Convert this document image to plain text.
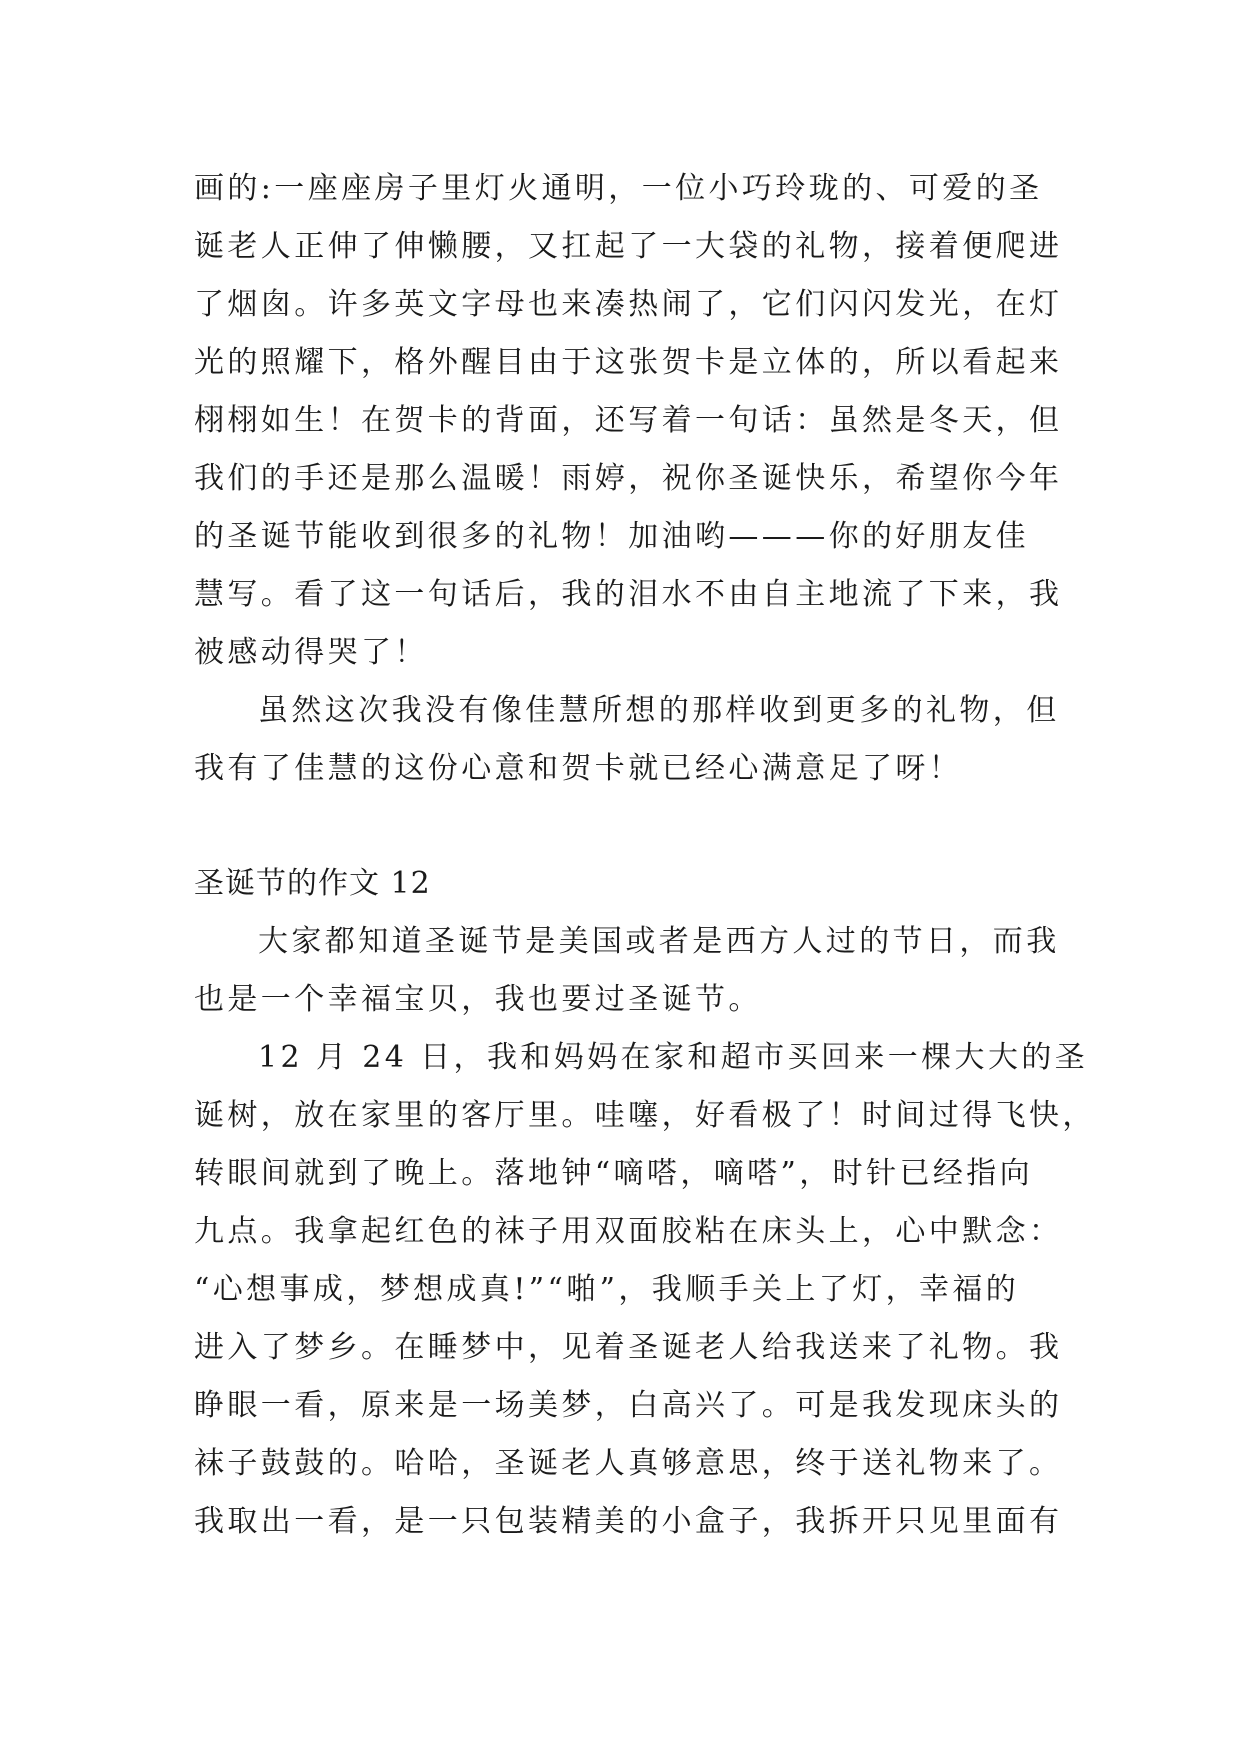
画的:一座座房子里灯火通明，一位小巧玲珑的、可爱的圣
诞老人正伸了伸懒腰，又扛起了一大袋的礼物，接着便爬进
了烟囱。许多英文字母也来凑热闹了，它们闪闪发光，在灯
光的照耀下，格外醒目由于这张贺卡是立体的，所以看起来
栩栩如生！在贺卡的背面，还写着一句话：虽然是冬天，但
我们的手还是那么温暖！雨婷，祝你圣诞快乐，希望你今年
的圣诞节能收到很多的礼物！加油哟———你的好朋友佳
慧写。看了这一句话后，我的泪水不由自主地流了下来，我
被感动得哭了！
虽然这次我没有像佳慧所想的那样收到更多的礼物，但
我有了佳慧的这份心意和贺卡就已经心满意足了呀！
圣诞节的作文 12
大家都知道圣诞节是美国或者是西方人过的节日，而我
也是一个幸福宝贝，我也要过圣诞节。
12 月 24 日，我和妈妈在家和超市买回来一棵大大的圣
诞树，放在家里的客厅里。哇噻，好看极了！时间过得飞快，
转眼间就到了晚上。落地钟“嘀嗒，嘀嗒”，时针已经指向
九点。我拿起红色的袜子用双面胶粘在床头上，心中默念：
“心想事成，梦想成真!”“啪”，我顺手关上了灯，幸福的
进入了梦乡。在睡梦中，见着圣诞老人给我送来了礼物。我
睁眼一看，原来是一场美梦，白高兴了。可是我发现床头的
袜子鼓鼓的。哈哈，圣诞老人真够意思，终于送礼物来了。
我取出一看，是一只包装精美的小盒子，我拆开只见里面有
